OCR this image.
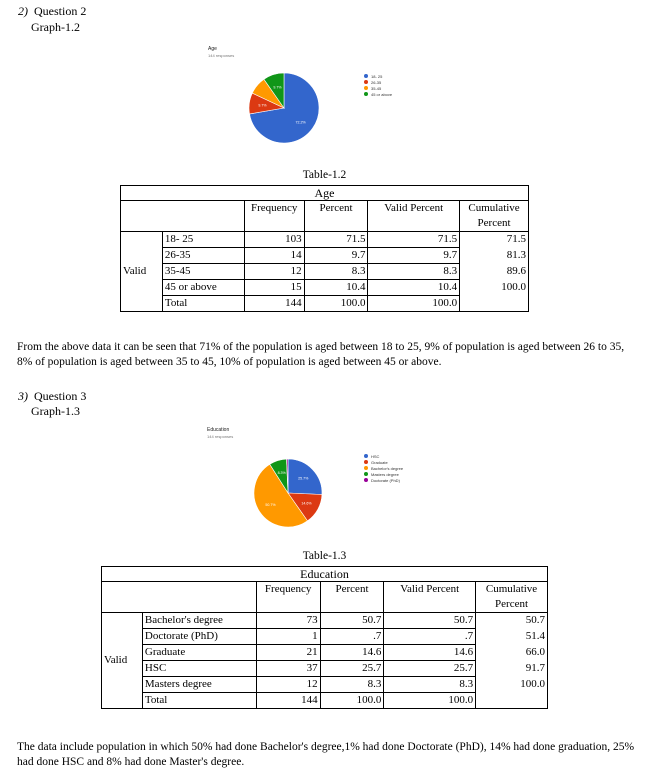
2) Question 2
Graph-1.2
Age
144 responses
72.2%
9.7%
9.7%
18- 25
26-35
35-45
45 or above
Table-1.2
Age					
		Frequency	Percent	Valid Percent	Cumulative Percent
Valid	18- 25	103	71.5	71.5	71.5
	26-35	14	9.7	9.7	81.3
	35-45	12	8.3	8.3	89.6
	45 or above	15	10.4	10.4	100.0
	Total	144	100.0	100.0	
From the above data it can be seen that 71% of the population is aged between 18 to 25, 9% of population is aged between 26 to 35, 8% of population is aged between 35 to 45, 10% of population is aged between 45 or above.
3) Question 3
Graph-1.3
Education
144 responses
25.7%
14.6%
50.7%
8.3%
HSC
Graduate
Bachelor's degree
Masters degree
Doctorate (PhD)
Table-1.3
Education					
		Frequency	Percent	Valid Percent	Cumulative Percent
Valid	Bachelor's degree	73	50.7	50.7	50.7
	Doctorate (PhD)	1	.7	.7	51.4
	Graduate	21	14.6	14.6	66.0
	HSC	37	25.7	25.7	91.7
	Masters degree	12	8.3	8.3	100.0
	Total	144	100.0	100.0	
The data include population in which 50% had done Bachelor's degree,1% had done Doctorate (PhD), 14% had done graduation, 25% had done HSC and 8% had done Master's degree.
